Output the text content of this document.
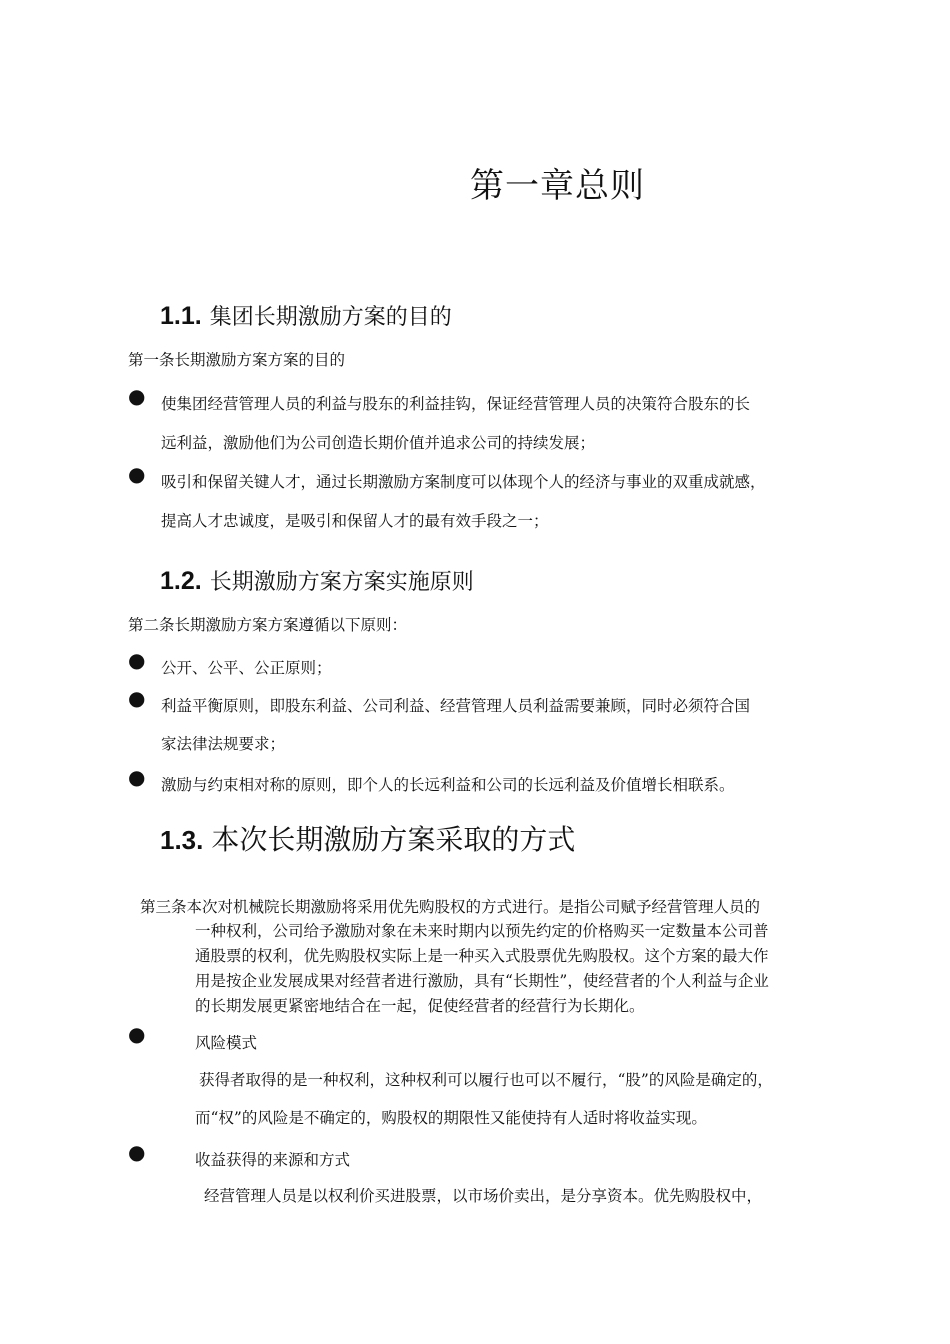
第一章总则
1.1. 集团长期激励方案的目的
第一条长期激励方案方案的目的
● 使集团经营管理人员的利益与股东的利益挂钩，保证经营管理人员的决策符合股东的长
远利益，激励他们为公司创造长期价值并追求公司的持续发展；
● 吸引和保留关键人才，通过长期激励方案制度可以体现个人的经济与事业的双重成就感，
提高人才忠诚度，是吸引和保留人才的最有效手段之一；
1.2. 长期激励方案方案实施原则
第二条长期激励方案方案遵循以下原则：
● 公开、公平、公正原则；
● 利益平衡原则，即股东利益、公司利益、经营管理人员利益需要兼顾，同时必须符合国
家法律法规要求；
● 激励与约束相对称的原则，即个人的长远利益和公司的长远利益及价值增长相联系。
1.3. 本次长期激励方案采取的方式
第三条本次对机械院长期激励将采用优先购股权的方式进行。是指公司赋予经营管理人员的
一种权利，公司给予激励对象在未来时期内以预先约定的价格购买一定数量本公司普
通股票的权利，优先购股权实际上是一种买入式股票优先购股权。这个方案的最大作
用是按企业发展成果对经营者进行激励，具有“长期性”，使经营者的个人利益与企业
的长期发展更紧密地结合在一起，促使经营者的经营行为长期化。
●	风险模式
获得者取得的是一种权利，这种权利可以履行也可以不履行，“股”的风险是确定的，
而“权”的风险是不确定的，购股权的期限性又能使持有人适时将收益实现。
●	收益获得的来源和方式
经营管理人员是以权利价买进股票，以市场价卖出，是分享资本。优先购股权中，
